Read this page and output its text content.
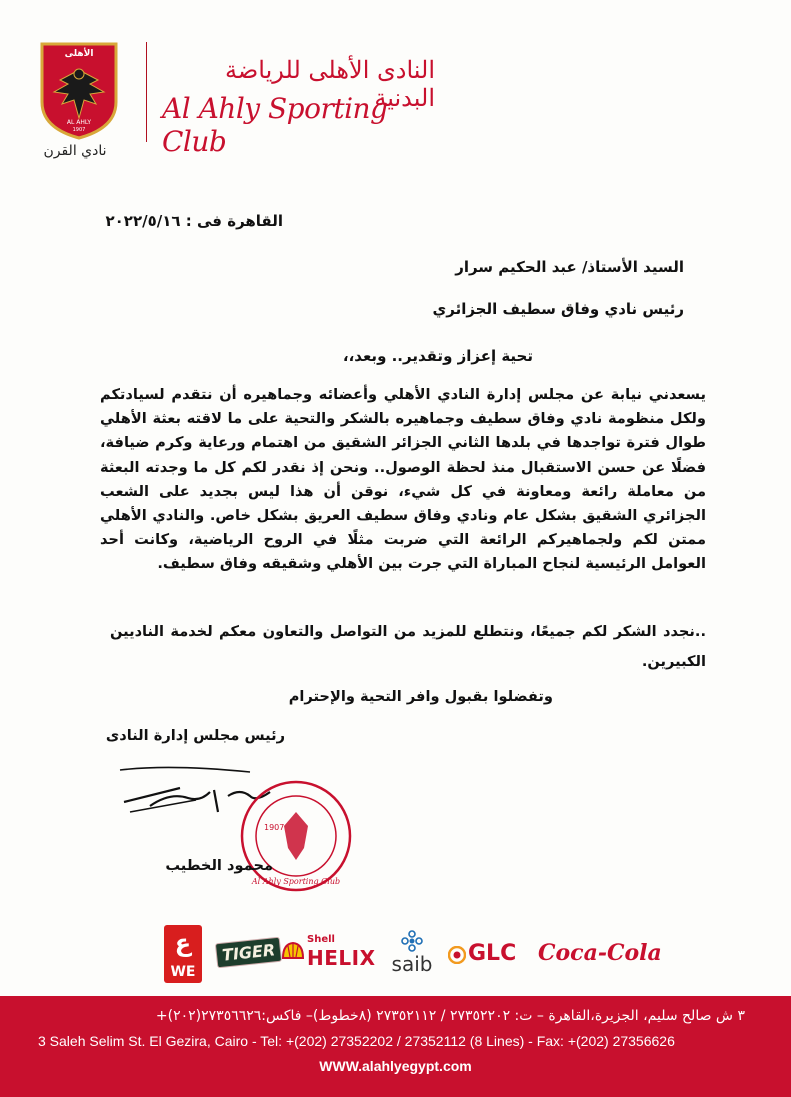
الأهلى
AL AHLY
1907
نادي القرن
النادى الأهلى للرياضة البدنية
Al Ahly Sporting Club
القاهرة فى : ٢٠٢٢/٥/١٦
السيد الأستاذ/ عبد الحكيم سرار
رئيس نادي وفاق سطيف الجزائري
تحية إعزاز وتقدير.. وبعد،،
يسعدني نيابة عن مجلس إدارة النادي الأهلي وأعضائه وجماهيره أن نتقدم لسيادتكم ولكل منظومة نادي وفاق سطيف وجماهيره بالشكر والتحية على ما لاقته بعثة الأهلي طوال فترة تواجدها في بلدها الثاني الجزائر الشقيق من اهتمام ورعاية وكرم ضيافة، فضلًا عن حسن الاستقبال منذ لحظة الوصول.. ونحن إذ نقدر لكم كل ما وجدته البعثة من معاملة رائعة ومعاونة في كل شيء، نوقن أن هذا ليس بجديد على الشعب الجزائري الشقيق بشكل عام ونادي وفاق سطيف العريق بشكل خاص. والنادي الأهلي ممتن لكم ولجماهيركم الرائعة التي ضربت مثلًا في الروح الرياضية، وكانت أحد العوامل الرئيسية لنجاح المباراة التي جرت بين الأهلي وشقيقه وفاق سطيف.
..نجدد الشكر لكم جميعًا، ونتطلع للمزيد من التواصل والتعاون معكم لخدمة الناديين الكبيرين.
وتفضلوا بقبول وافر التحية والإحترام
رئيس مجلس إدارة النادى
1907
Al Ahly Sporting Club
محمود الخطيب
ع
WE
TIGER
Shell
HELIX saib	GLC Coca-Cola
٣ ش صالح سليم، الجزيرة،القاهرة – ت: ٢٧٣٥٢٢٠٢ / ٢٧٣٥٢١١٢ (٨خطوط)– فاكس:٢٧٣٥٦٦٢٦(٢٠٢)+
3 Saleh Selim St. El Gezira, Cairo - Tel: +(202) 27352202 / 27352112 (8 Lines) - Fax: +(202) 27356626
WWW.alahlyegypt.com
